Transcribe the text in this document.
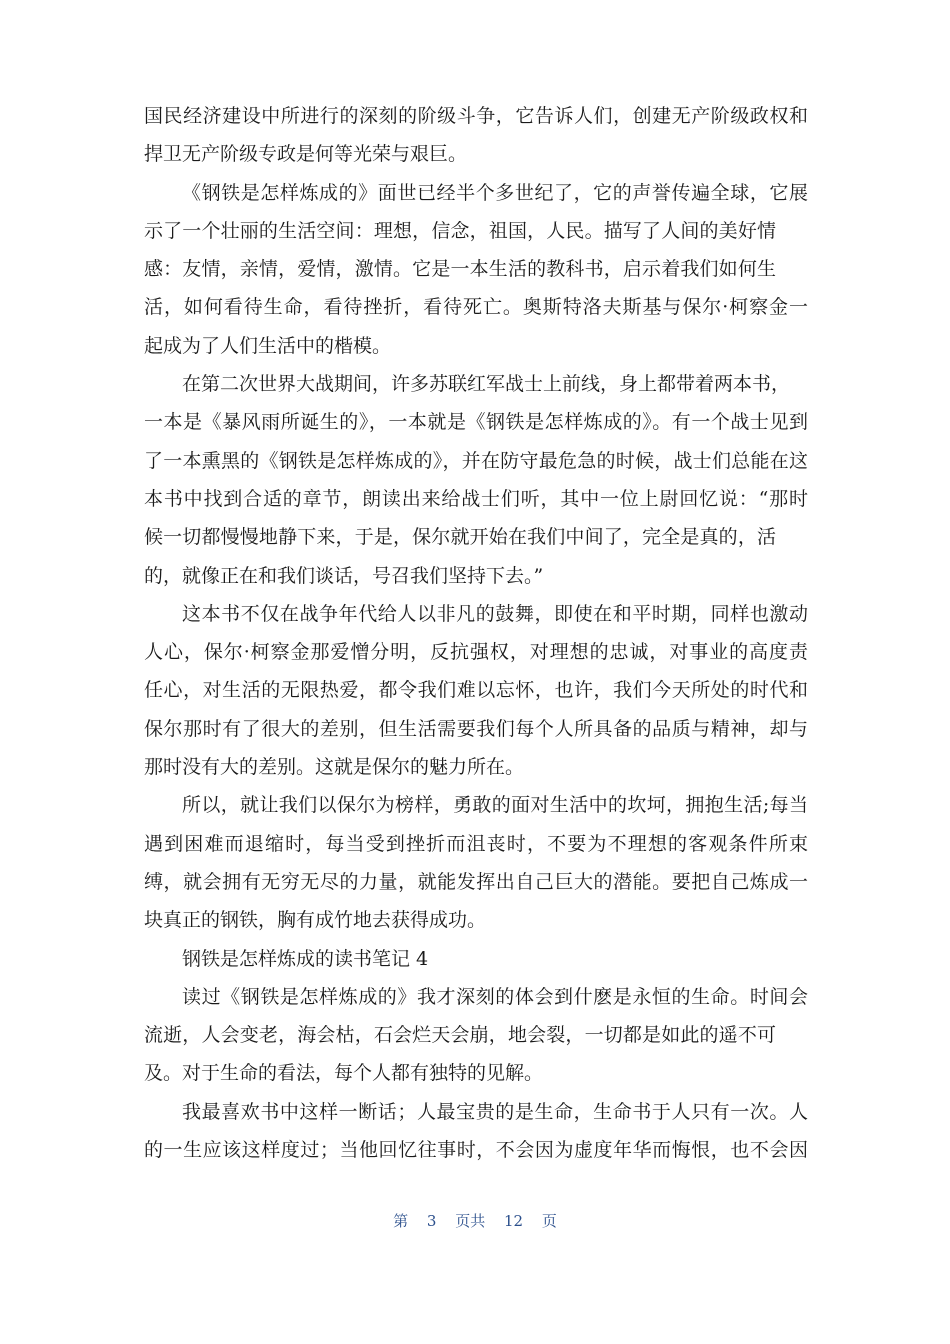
国民经济建设中所进行的深刻的阶级斗争，它告诉人们，创建无产阶级政权和
捍卫无产阶级专政是何等光荣与艰巨。
《钢铁是怎样炼成的》面世已经半个多世纪了，它的声誉传遍全球，它展
示了一个壮丽的生活空间：理想，信念，祖国，人民。描写了人间的美好情
感：友情，亲情，爱情，激情。它是一本生活的教科书，启示着我们如何生
活，如何看待生命，看待挫折，看待死亡。奥斯特洛夫斯基与保尔·柯察金一
起成为了人们生活中的楷模。
在第二次世界大战期间，许多苏联红军战士上前线，身上都带着两本书，
一本是《暴风雨所诞生的》，一本就是《钢铁是怎样炼成的》。有一个战士见到
了一本熏黑的《钢铁是怎样炼成的》，并在防守最危急的时候，战士们总能在这
本书中找到合适的章节，朗读出来给战士们听，其中一位上尉回忆说：“那时
候一切都慢慢地静下来，于是，保尔就开始在我们中间了，完全是真的，活
的，就像正在和我们谈话，号召我们坚持下去。”
这本书不仅在战争年代给人以非凡的鼓舞，即使在和平时期，同样也激动
人心，保尔·柯察金那爱憎分明，反抗强权，对理想的忠诚，对事业的高度责
任心，对生活的无限热爱，都令我们难以忘怀，也许，我们今天所处的时代和
保尔那时有了很大的差别，但生活需要我们每个人所具备的品质与精神，却与
那时没有大的差别。这就是保尔的魅力所在。
所以，就让我们以保尔为榜样，勇敢的面对生活中的坎坷，拥抱生活;每当
遇到困难而退缩时，每当受到挫折而沮丧时，不要为不理想的客观条件所束
缚，就会拥有无穷无尽的力量，就能发挥出自己巨大的潜能。要把自己炼成一
块真正的钢铁，胸有成竹地去获得成功。
钢铁是怎样炼成的读书笔记 4
读过《钢铁是怎样炼成的》我才深刻的体会到什麽是永恒的生命。时间会
流逝，人会变老，海会枯，石会烂天会崩，地会裂，一切都是如此的遥不可
及。对于生命的看法，每个人都有独特的见解。
我最喜欢书中这样一断话；人最宝贵的是生命，生命书于人只有一次。人
的一生应该这样度过；当他回忆往事时，不会因为虚度年华而悔恨，也不会因
第 3 页共 12 页
